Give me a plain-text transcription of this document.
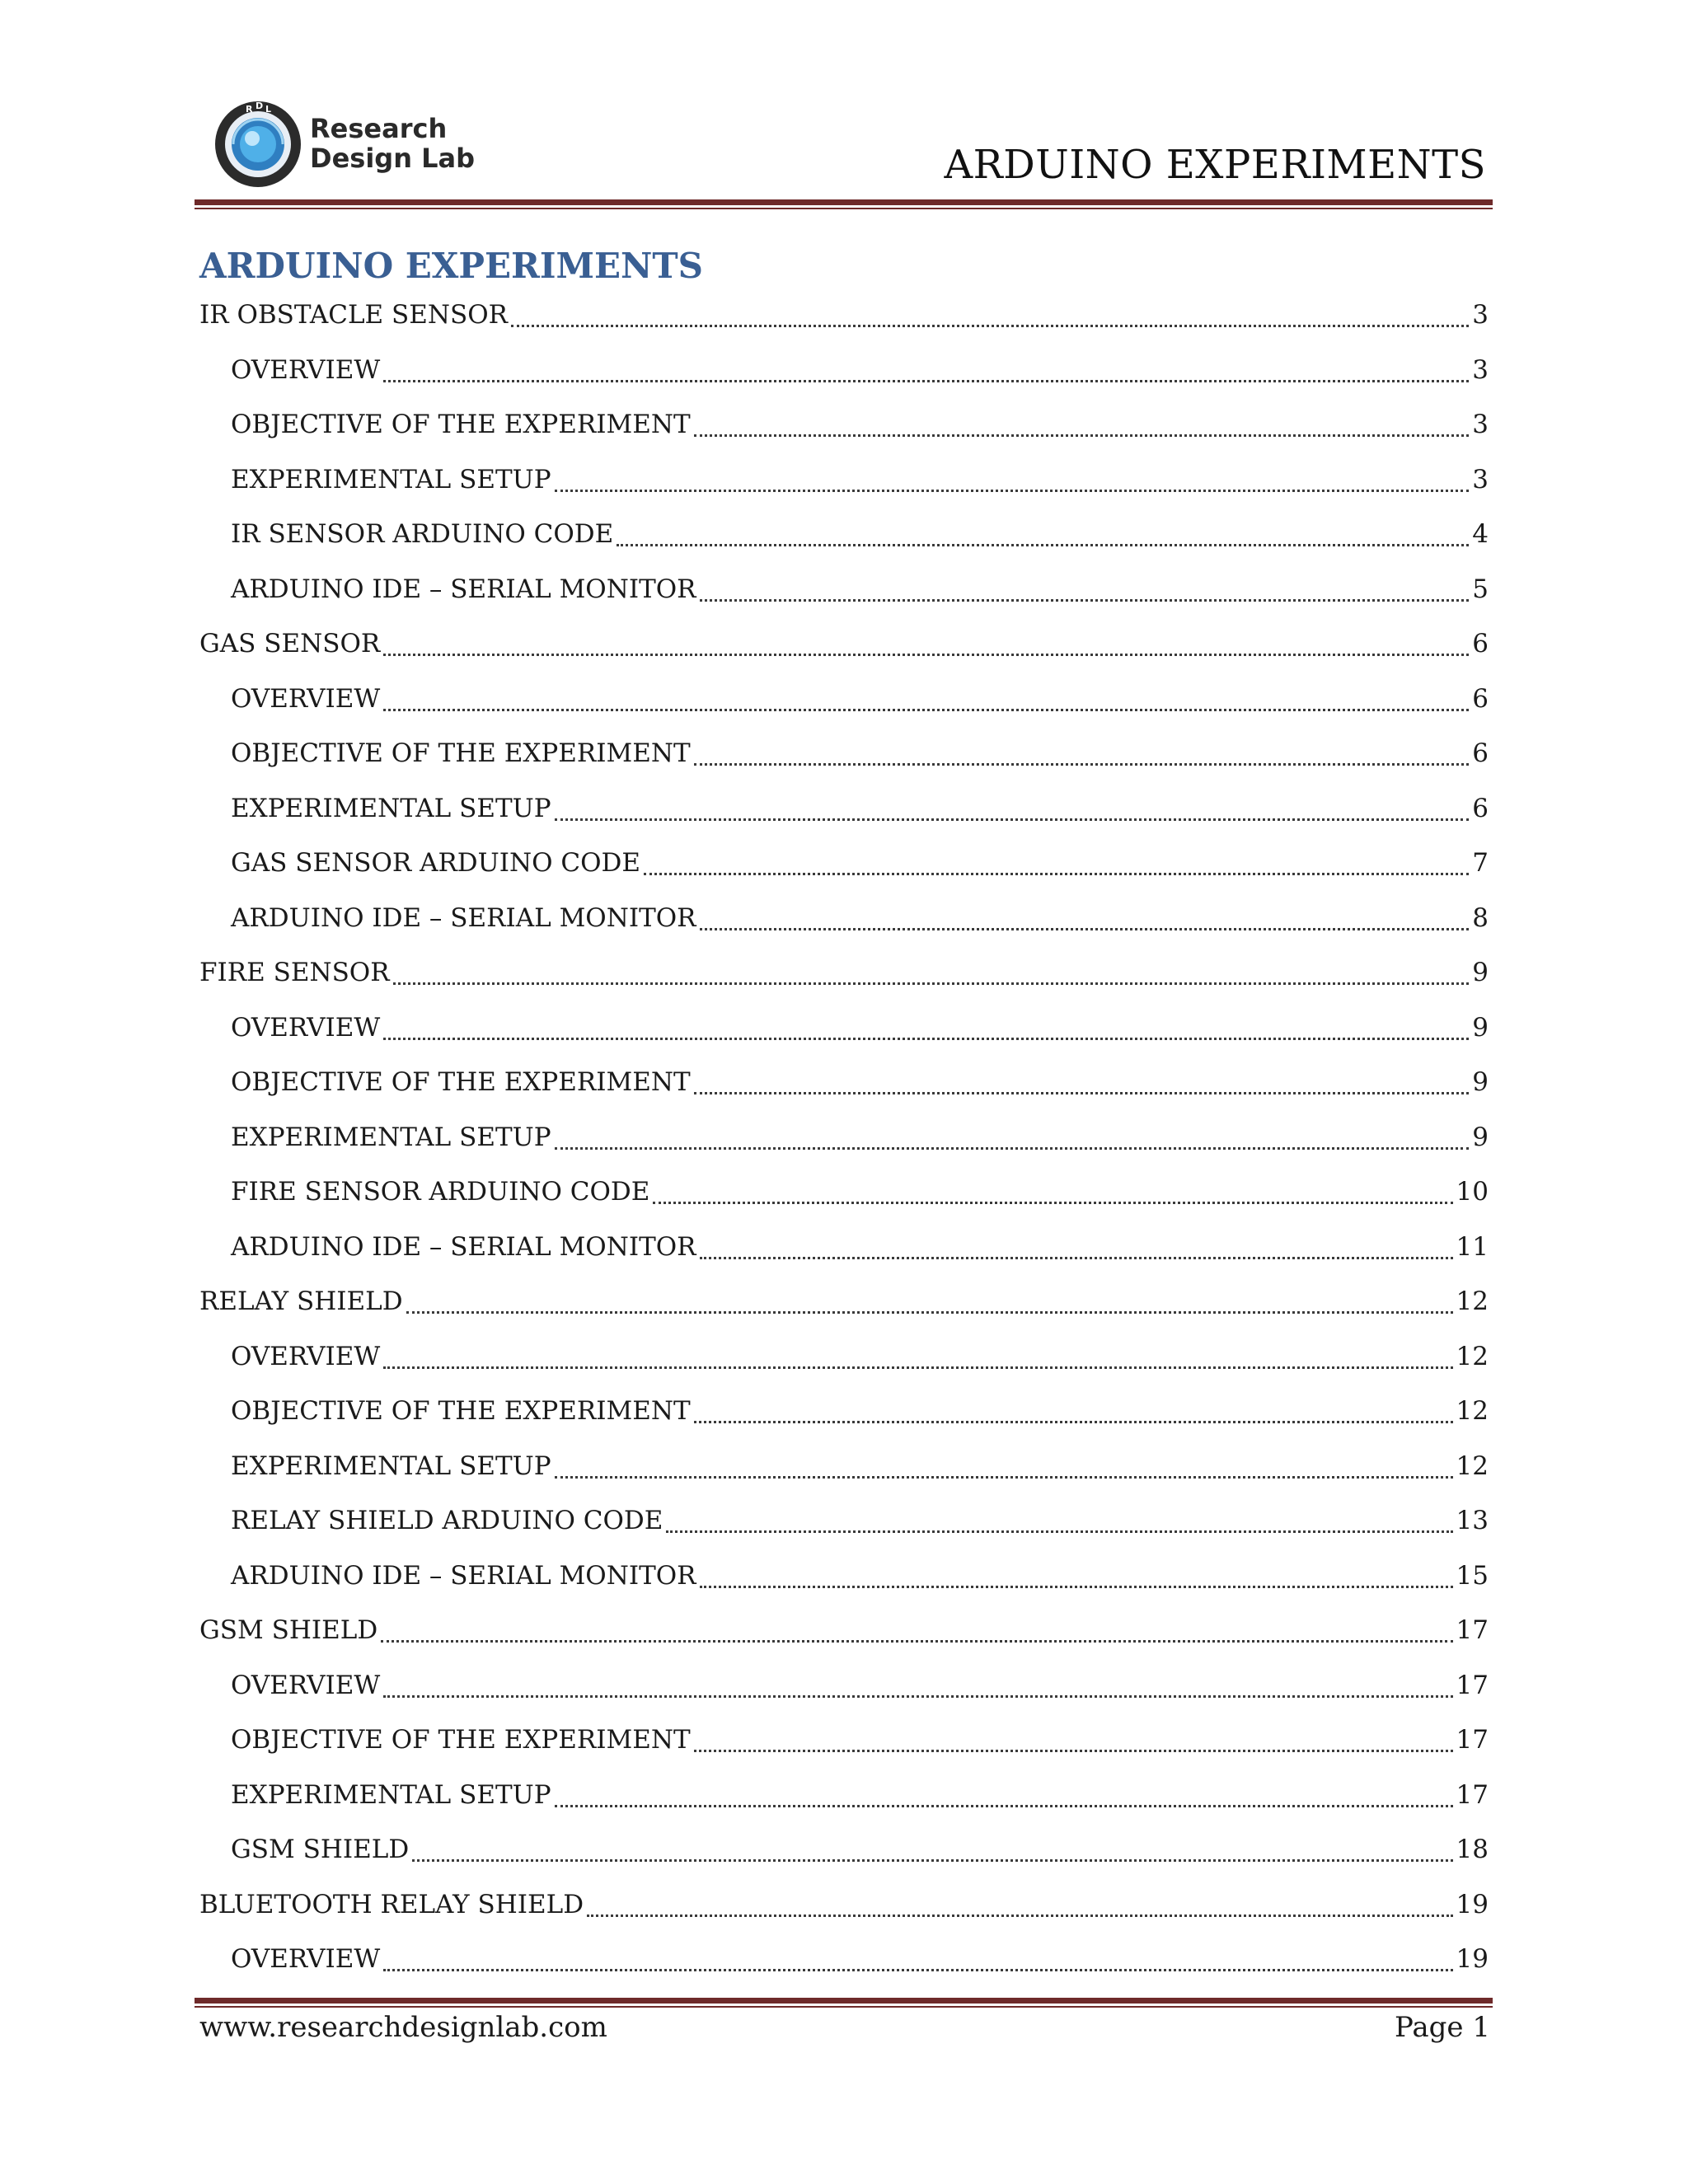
R D L
Research
Design Lab	ARDUINO EXPERIMENTS
ARDUINO EXPERIMENTS
IR OBSTACLE SENSOR	3
OVERVIEW	3
OBJECTIVE OF THE EXPERIMENT	3
EXPERIMENTAL SETUP	3
IR SENSOR ARDUINO CODE	4
ARDUINO IDE – SERIAL MONITOR	5
GAS SENSOR	6
OVERVIEW	6
OBJECTIVE OF THE EXPERIMENT	6
EXPERIMENTAL SETUP	6
GAS SENSOR ARDUINO CODE	7
ARDUINO IDE – SERIAL MONITOR	8
FIRE SENSOR	9
OVERVIEW	9
OBJECTIVE OF THE EXPERIMENT	9
EXPERIMENTAL SETUP	9
FIRE SENSOR ARDUINO CODE	10
ARDUINO IDE – SERIAL MONITOR	11
RELAY SHIELD	12
OVERVIEW	12
OBJECTIVE OF THE EXPERIMENT	12
EXPERIMENTAL SETUP	12
RELAY SHIELD ARDUINO CODE	13
ARDUINO IDE – SERIAL MONITOR	15
GSM SHIELD	17
OVERVIEW	17
OBJECTIVE OF THE EXPERIMENT	17
EXPERIMENTAL SETUP	17
GSM SHIELD	18
BLUETOOTH RELAY SHIELD	19
OVERVIEW	19
www.researchdesignlab.com	Page 1
